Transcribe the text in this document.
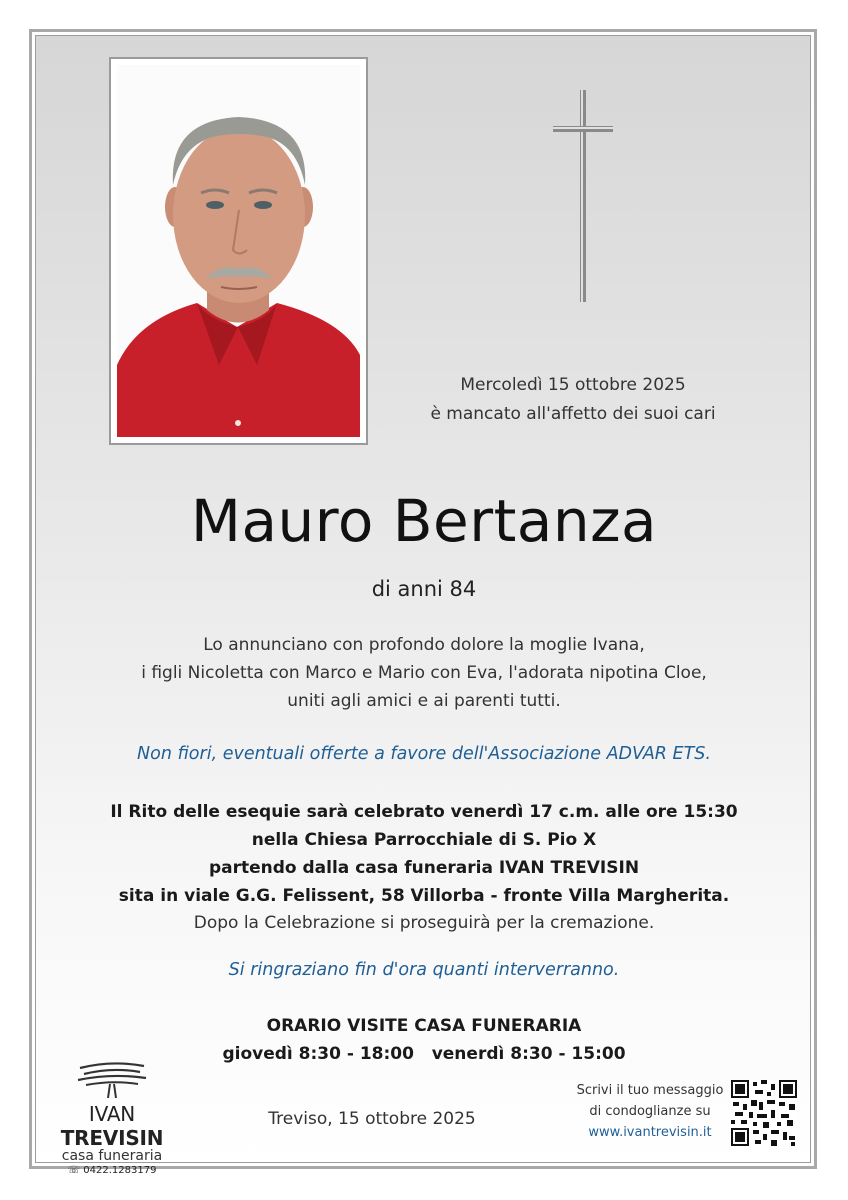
Mercoledì 15 ottobre 2025
è mancato all'affetto dei suoi cari
Mauro Bertanza
di anni 84
Lo annunciano con profondo dolore la moglie Ivana,
i figli Nicoletta con Marco e Mario con Eva, l'adorata nipotina Cloe,
uniti agli amici e ai parenti tutti.
Non fiori, eventuali offerte a favore dell'Associazione ADVAR ETS.
Il Rito delle esequie sarà celebrato venerdì 17 c.m. alle ore 15:30
nella Chiesa Parrocchiale di S. Pio X
partendo dalla casa funeraria IVAN TREVISIN
sita in viale G.G. Felissent, 58 Villorba - fronte Villa Margherita.
Dopo la Celebrazione si proseguirà per la cremazione.
Si ringraziano fin d'ora quanti interverranno.
ORARIO VISITE CASA FUNERARIA
giovedì 8:30 - 18:00   venerdì 8:30 - 15:00
IVAN TREVISIN
casa funeraria
☏ 0422.1283179
Treviso, 15 ottobre 2025
Scrivi il tuo messaggio
di condoglianze su
www.ivantrevisin.it
